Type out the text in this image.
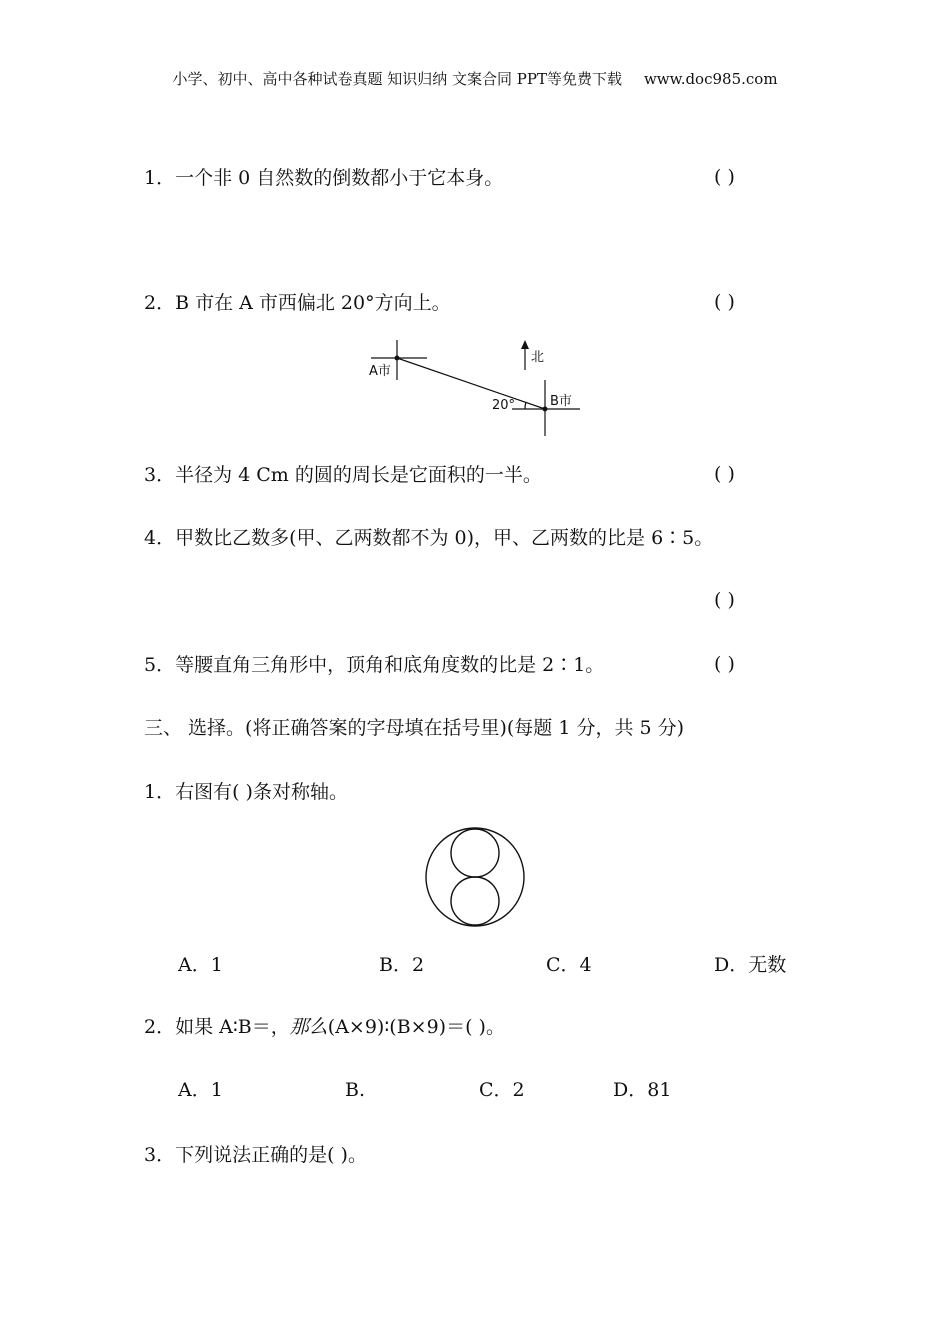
小学、初中、高中各种试卷真题 知识归纳 文案合同 PPT等免费下载 www.doc985.com
1．一个非 0 自然数的倒数都小于它本身。	( )
2．B 市在 A 市西偏北 20°方向上。	( )
A市
B市
北
20°
3．半径为 4 Cm 的圆的周长是它面积的一半。	( )
4．甲数比乙数多(甲、乙两数都不为 0)，甲、乙两数的比是 6∶5。
( )
5．等腰直角三角形中，顶角和底角度数的比是 2∶1。	( )
三、 选择。(将正确答案的字母填在括号里)(每题 1 分，共 5 分)
1．右图有( )条对称轴。
A．1	B．2	C．4	D．无数
2．如果 A∶B＝，那么(A×9)∶(B×9)＝( )。
A．1	B.	C．2	D．81
3．下列说法正确的是( )。
